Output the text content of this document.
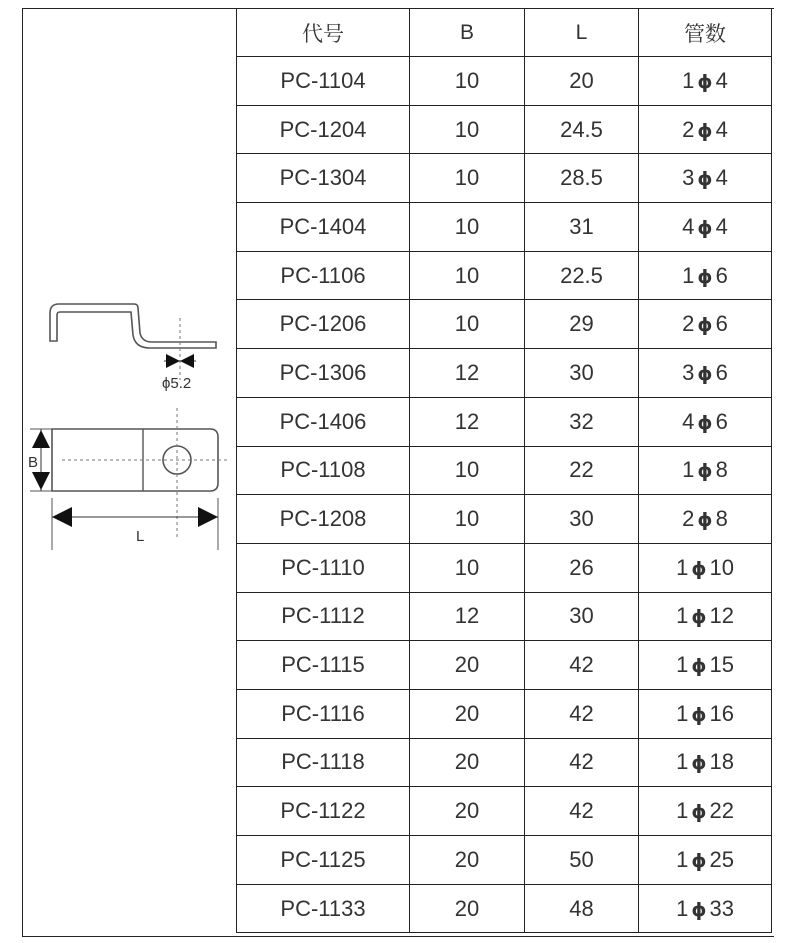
ϕ5.2
B
L
代号	B	L	管数
PC-1104	10	20	1 ϕ 4
PC-1204	10	24.5	2 ϕ 4
PC-1304	10	28.5	3 ϕ 4
PC-1404	10	31	4 ϕ 4
PC-1106	10	22.5	1 ϕ 6
PC-1206	10	29	2 ϕ 6
PC-1306	12	30	3 ϕ 6
PC-1406	12	32	4 ϕ 6
PC-1108	10	22	1 ϕ 8
PC-1208	10	30	2 ϕ 8
PC-1110	10	26	1 ϕ 10
PC-1112	12	30	1 ϕ 12
PC-1115	20	42	1 ϕ 15
PC-1116	20	42	1 ϕ 16
PC-1118	20	42	1 ϕ 18
PC-1122	20	42	1 ϕ 22
PC-1125	20	50	1 ϕ 25
PC-1133	20	48	1 ϕ 33
